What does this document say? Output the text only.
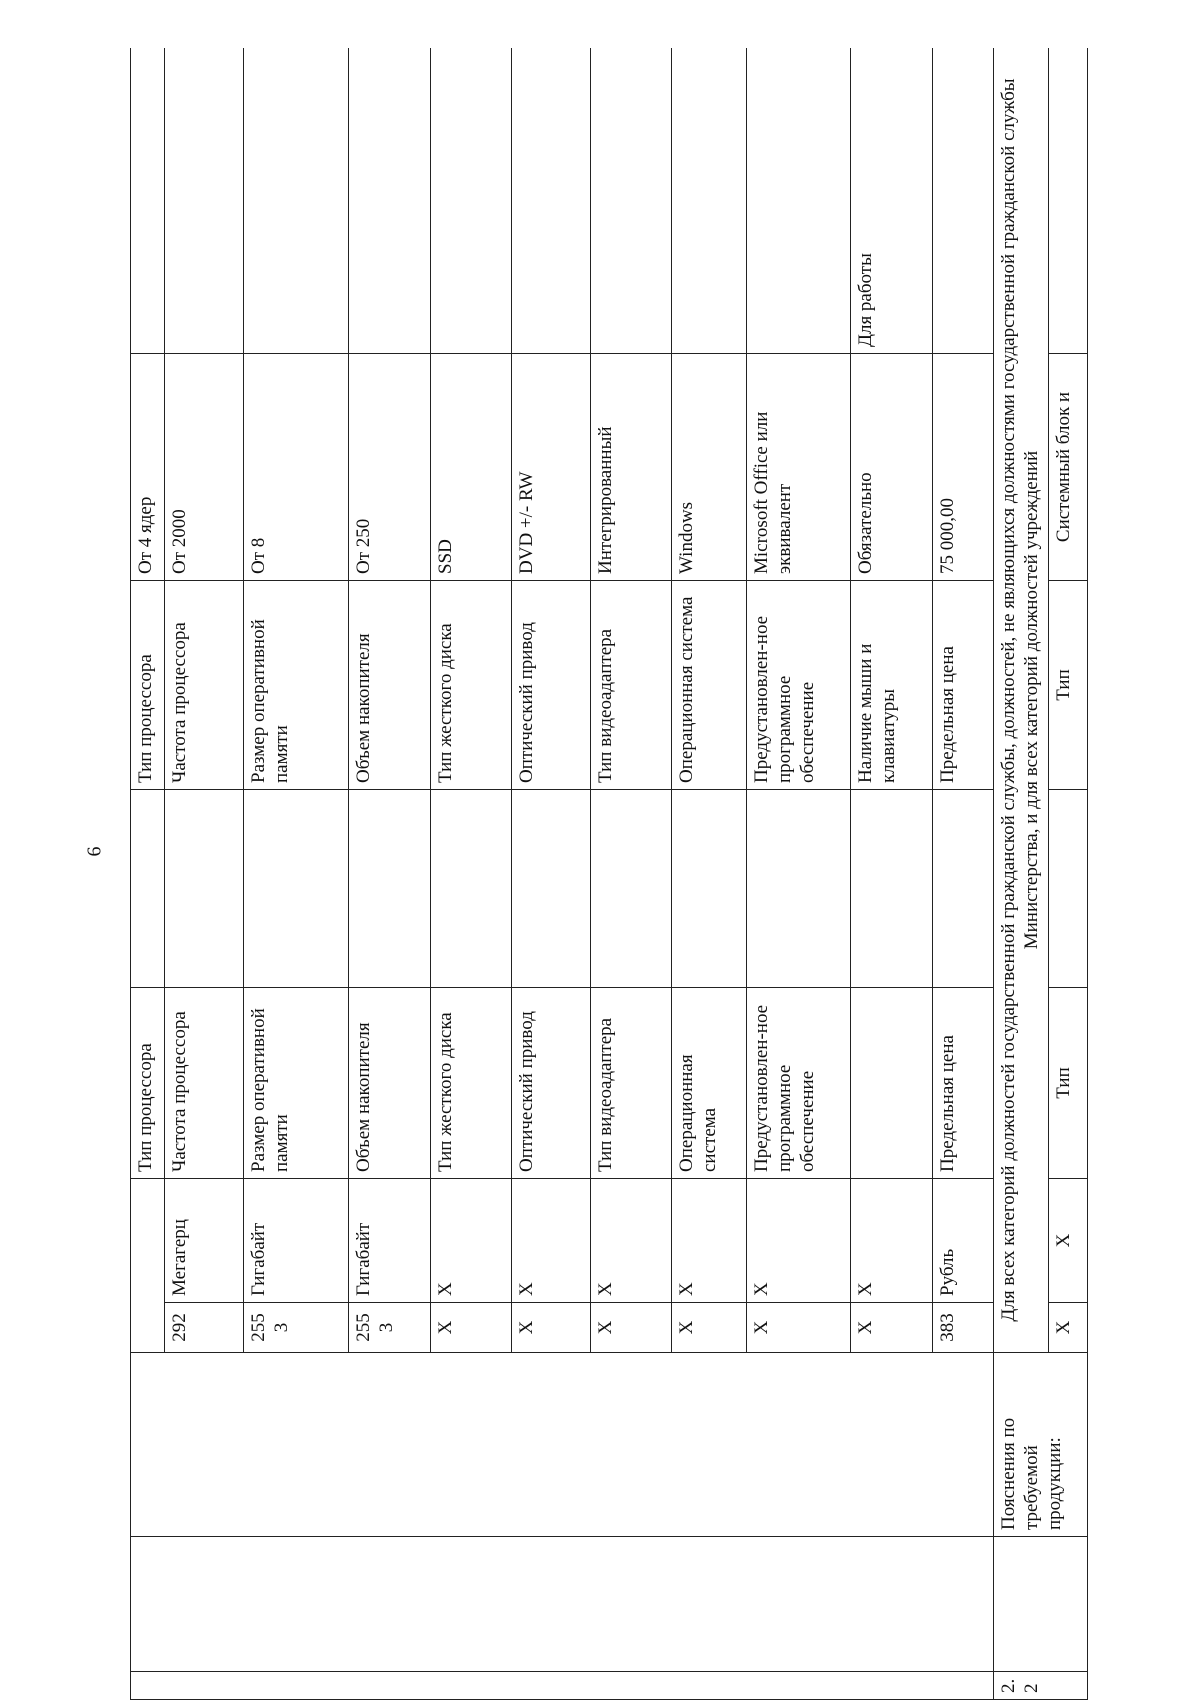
6
					Тип процессора		Тип процессора	От 4 ядер	
			292	Мегагерц	Частота процессора		Частота процессора	От 2000	
			2553	Гигабайт	Размер оперативной памяти		Размер оперативной памяти	От 8	
			2553	Гигабайт	Объем накопителя		Объем накопителя	От 250	
			Х	Х	Тип жесткого диска		Тип жесткого диска	SSD	
			Х	Х	Оптический привод		Оптический привод	DVD +/- RW	
			Х	Х	Тип видеоадаптера		Тип видеоадаптера	Интегрированный	
			Х	Х	Операционная система		Операционная система	Windows	
			Х	Х	Предустановлен-ное программное обеспечение		Предустановлен-ное программное обеспечение	Microsoft Office или эквивалент	
			Х	Х			Наличие мыши и клавиатуры	Обязательно	Для работы
			383	Рубль	Предельная цена		Предельная цена	75 000,00	
2.2		Пояснения по требуемой продукции:	Для всех категорий должностей государственной гражданской службы, должностей, не являющихся должностями государственной гражданской службы Министерства, и для всех категорий должностей учреждений						
			Х	Х	Тип		Тип	Системный блок и	
